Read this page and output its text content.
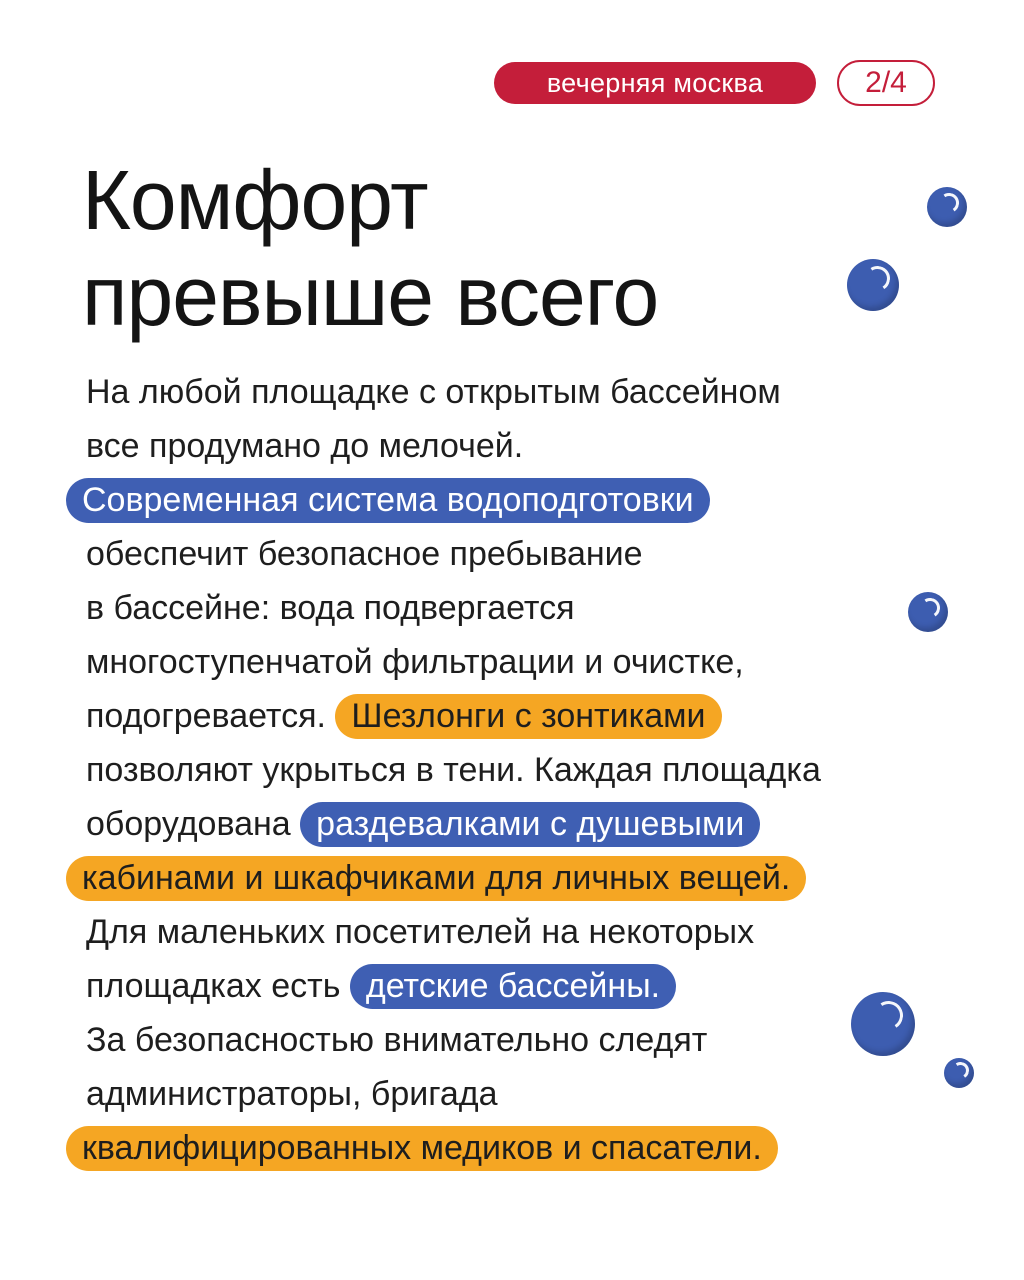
вечерняя москва	2/4
Комфорт
превыше всего
На любой площадке с открытым бассейном
все продумано до мелочей.
Современная система водоподготовки
обеспечит безопасное пребывание
в бассейне: вода подвергается
многоступенчатой фильтрации и очистке,
подогревается. Шезлонги с зонтиками
позволяют укрыться в тени. Каждая площадка
оборудована раздевалками с душевыми
кабинами и шкафчиками для личных вещей.
Для маленьких посетителей на некоторых
площадках есть детские бассейны.
За безопасностью внимательно следят
администраторы, бригада
квалифицированных медиков и спасатели.
